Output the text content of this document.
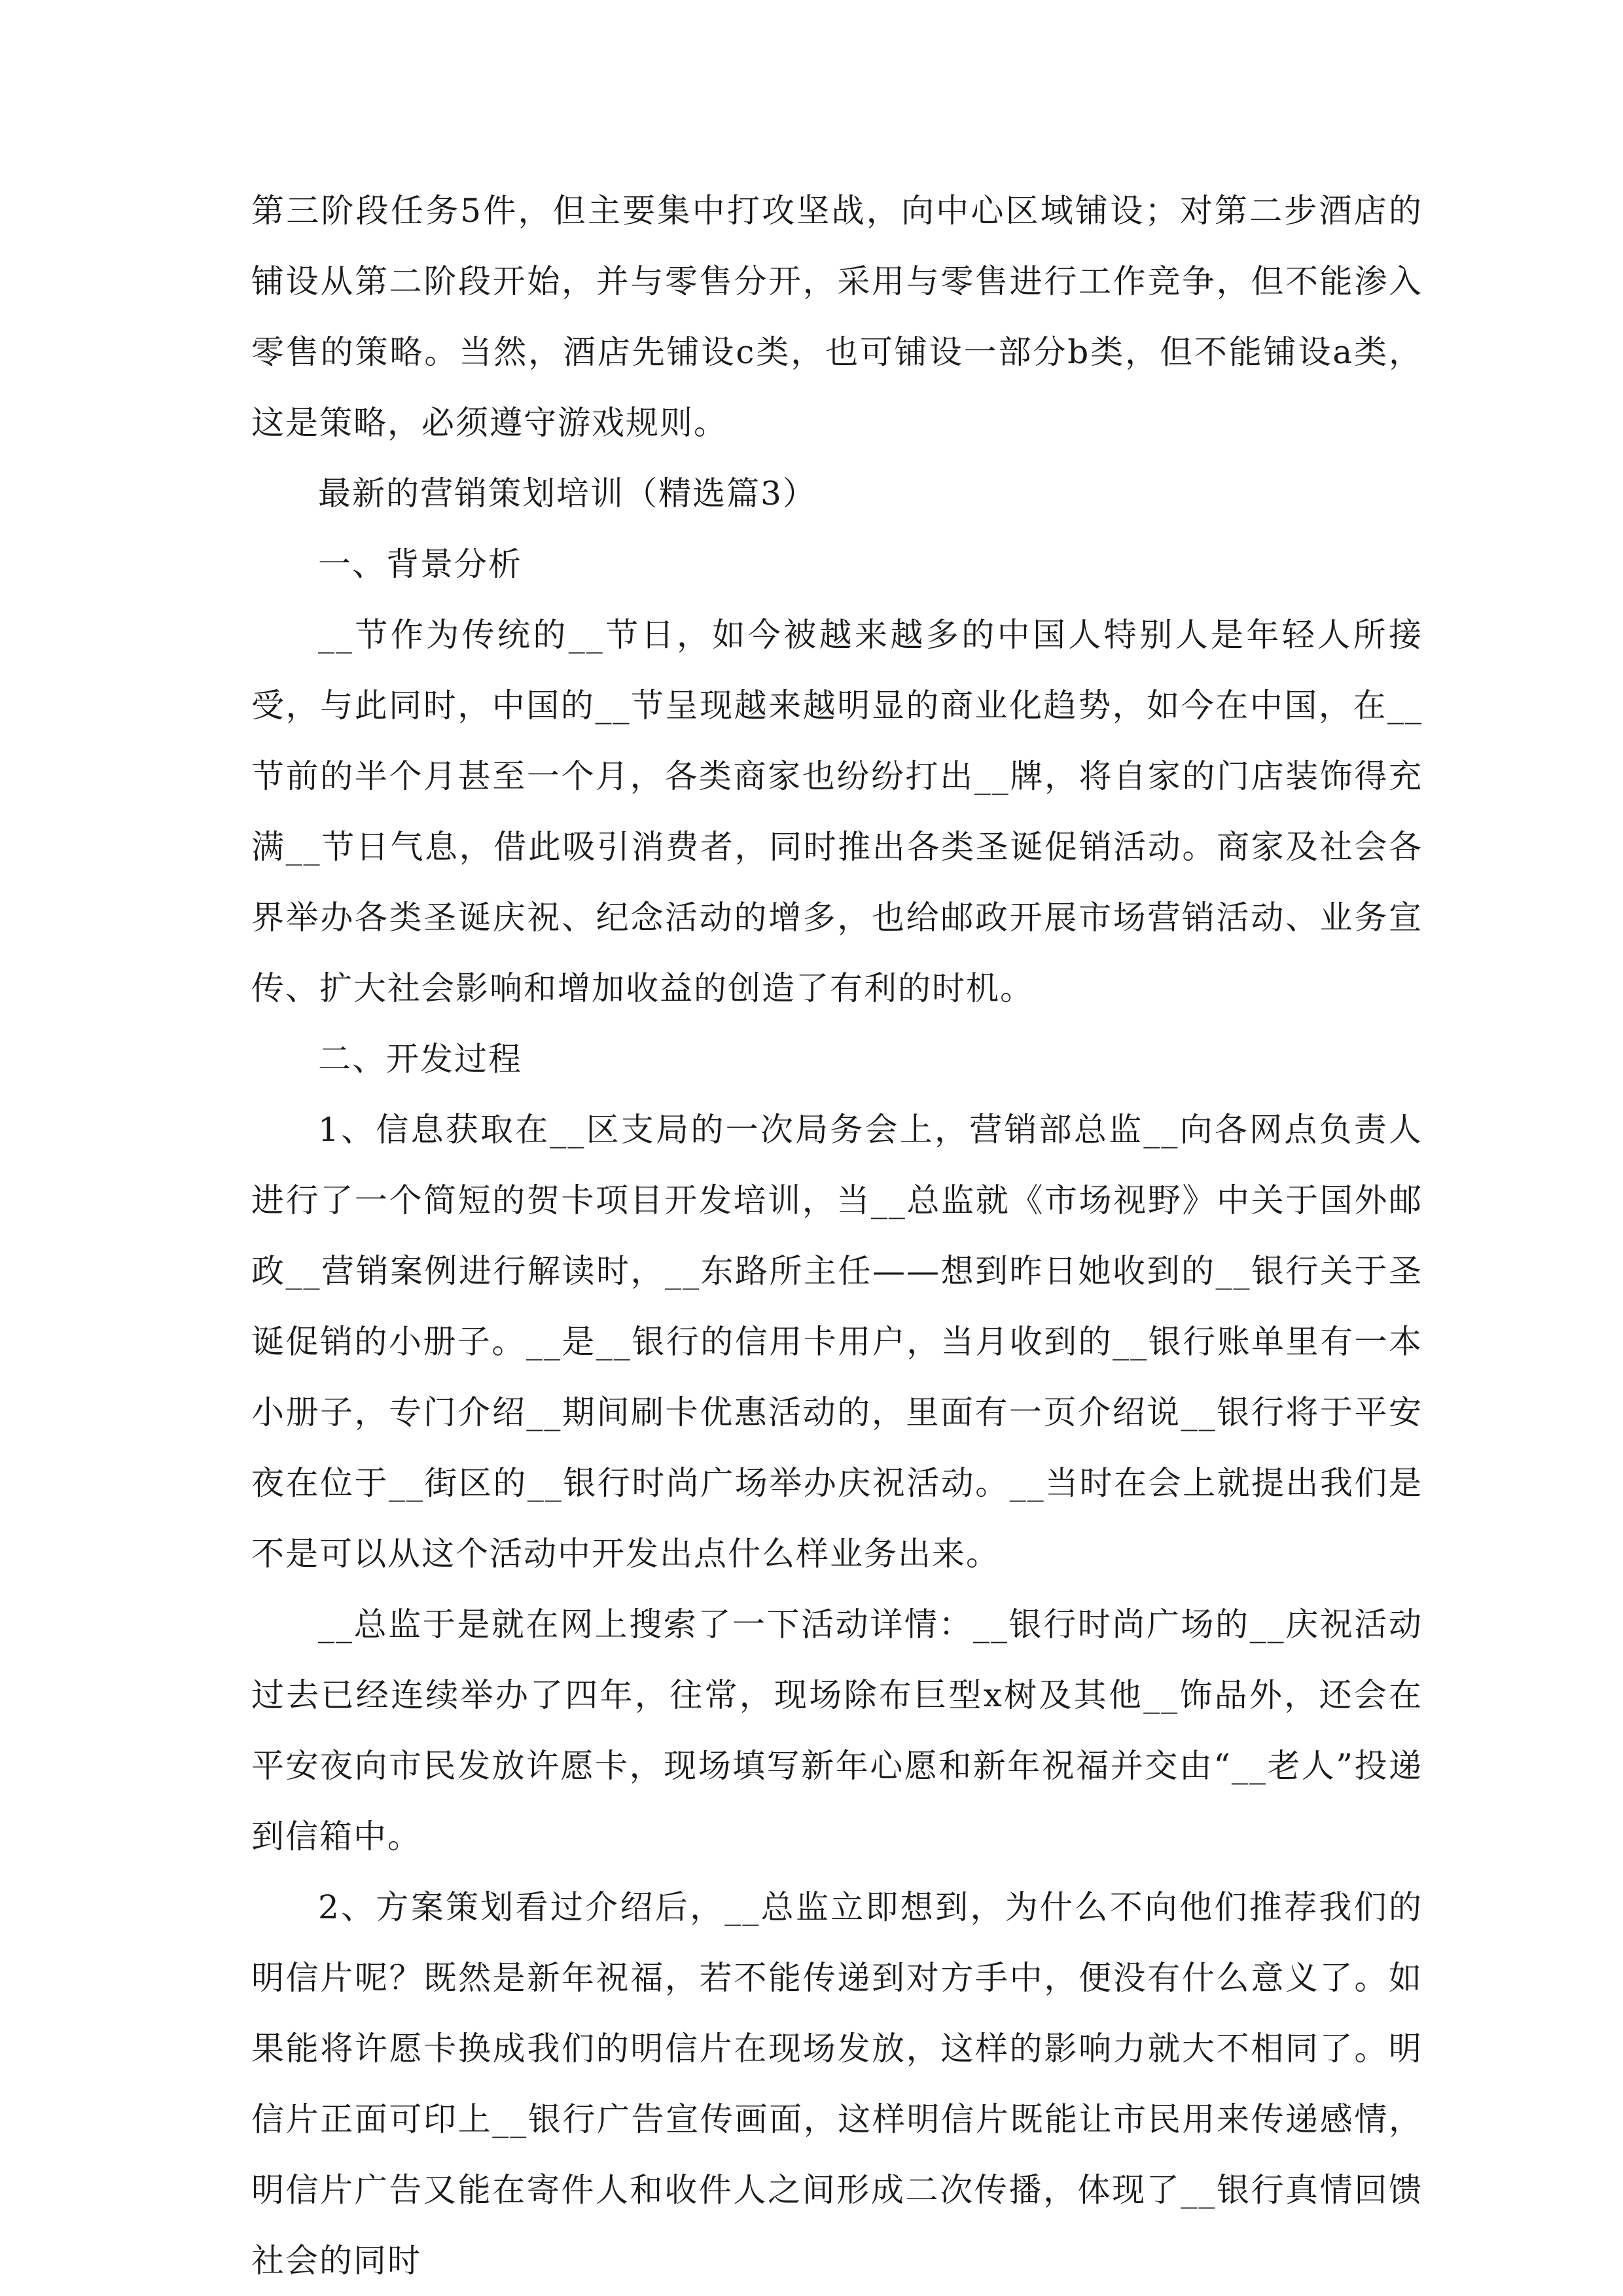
第三阶段任务5件，但主要集中打攻坚战，向中心区域铺设；对第二步酒店的铺设从第二阶段开始，并与零售分开，采用与零售进行工作竞争，但不能渗入零售的策略。当然，酒店先铺设c类，也可铺设一部分b类，但不能铺设a类，这是策略，必须遵守游戏规则。

最新的营销策划培训（精选篇3）

一、背景分析

__节作为传统的__节日，如今被越来越多的中国人特别人是年轻人所接受，与此同时，中国的__节呈现越来越明显的商业化趋势，如今在中国，在__节前的半个月甚至一个月，各类商家也纷纷打出__牌，将自家的门店装饰得充满__节日气息，借此吸引消费者，同时推出各类圣诞促销活动。商家及社会各界举办各类圣诞庆祝、纪念活动的增多，也给邮政开展市场营销活动、业务宣传、扩大社会影响和增加收益的创造了有利的时机。

二、开发过程

1、信息获取在__区支局的一次局务会上，营销部总监__向各网点负责人进行了一个简短的贺卡项目开发培训，当__总监就《市场视野》中关于国外邮政__营销案例进行解读时，__东路所主任——想到昨日她收到的__银行关于圣诞促销的小册子。__是__银行的信用卡用户，当月收到的__银行账单里有一本小册子，专门介绍__期间刷卡优惠活动的，里面有一页介绍说__银行将于平安夜在位于__街区的__银行时尚广场举办庆祝活动。__当时在会上就提出我们是不是可以从这个活动中开发出点什么样业务出来。

__总监于是就在网上搜索了一下活动详情：__银行时尚广场的__庆祝活动过去已经连续举办了四年，往常，现场除布巨型x树及其他__饰品外，还会在平安夜向市民发放许愿卡，现场填写新年心愿和新年祝福并交由“__老人”投递到信箱中。

2、方案策划看过介绍后，__总监立即想到，为什么不向他们推荐我们的明信片呢？既然是新年祝福，若不能传递到对方手中，便没有什么意义了。如果能将许愿卡换成我们的明信片在现场发放，这样的影响力就大不相同了。明信片正面可印上__银行广告宣传画面，这样明信片既能让市民用来传递感情，明信片广告又能在寄件人和收件人之间形成二次传播，体现了__银行真情回馈社会的同时
